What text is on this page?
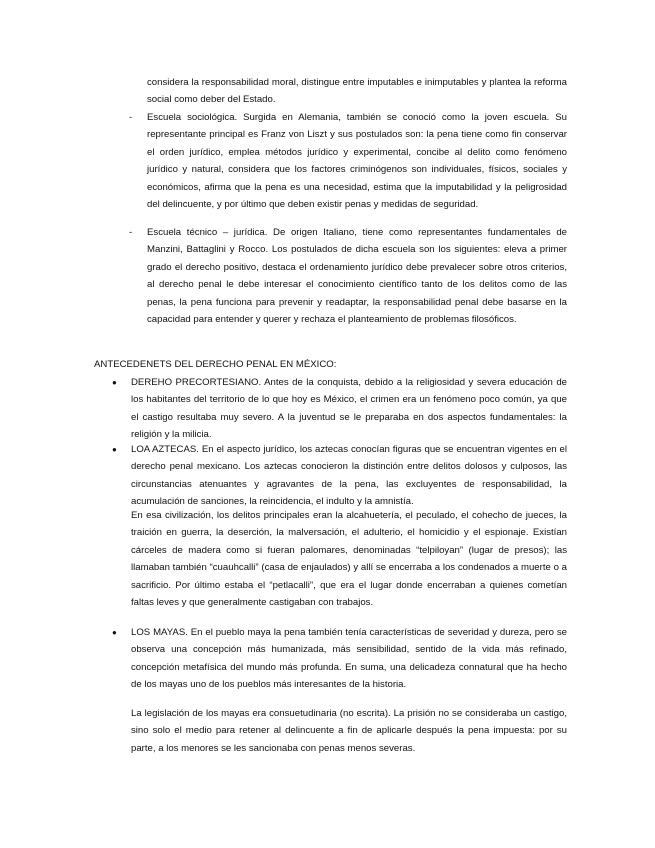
considera la responsabilidad moral, distingue entre imputables e inimputables y plantea la reforma social como deber del Estado.

- Escuela sociológica. Surgida en Alemania, también se conoció como la joven escuela. Su representante principal es Franz von Liszt y sus postulados son: la pena tiene como fin conservar el orden jurídico, emplea métodos jurídico y experimental, concibe al delito como fenómeno jurídico y natural, considera que los factores criminógenos son individuales, físicos, sociales y económicos, afirma que la pena es una necesidad, estima que la imputabilidad y la peligrosidad del delincuente, y por último que deben existir penas y medidas de seguridad.

- Escuela técnico – jurídica. De origen Italiano, tiene como representantes fundamentales de Manzini, Battaglini y Rocco. Los postulados de dicha escuela son los siguientes: eleva a primer grado el derecho positivo, destaca el ordenamiento jurídico debe prevalecer sobre otros criterios, al derecho penal le debe interesar el conocimiento científico tanto de los delitos como de las penas, la pena funciona para prevenir y readaptar, la responsabilidad penal debe basarse en la capacidad para entender y querer y rechaza el planteamiento de problemas filosóficos.

ANTECEDENETS DEL DERECHO PENAL EN MÉXICO:

● DEREHO PRECORTESIANO. Antes de la conquista, debido a la religiosidad y severa educación de los habitantes del territorio de lo que hoy es México, el crimen era un fenómeno poco común, ya que el castigo resultaba muy severo. A la juventud se le preparaba en dos aspectos fundamentales: la religión y la milicia.

● LOA AZTECAS. En el aspecto jurídico, los aztecas conocían figuras que se encuentran vigentes en el derecho penal mexicano. Los aztecas conocieron la distinción entre delitos dolosos y culposos, las circunstancias atenuantes y agravantes de la pena, las excluyentes de responsabilidad, la acumulación de sanciones, la reincidencia, el indulto y la amnistía.

En esa civilización, los delitos principales eran la alcahuetería, el peculado, el cohecho de jueces, la traición en guerra, la deserción, la malversación, el adulterio, el homicidio y el espionaje. Existían cárceles de madera como si fueran palomares, denominadas “telpiloyan” (lugar de presos); las llamaban también “cuauhcalli” (casa de enjaulados) y allí se encerraba a los condenados a muerte o a sacrificio. Por último estaba el “petlacalli”, que era el lugar donde encerraban a quienes cometían faltas leves y que generalmente castigaban con trabajos.

● LOS MAYAS. En el pueblo maya la pena también tenía características de severidad y dureza, pero se observa una concepción más humanizada, más sensibilidad, sentido de la vida más refinado, concepción metafísica del mundo más profunda. En suma, una delicadeza connatural que ha hecho de los mayas uno de los pueblos más interesantes de la historia.

La legislación de los mayas era consuetudinaria (no escrita). La prisión no se consideraba un castigo, sino solo el medio para retener al delincuente a fin de aplicarle después la pena impuesta: por su parte, a los menores se les sancionaba con penas menos severas.
